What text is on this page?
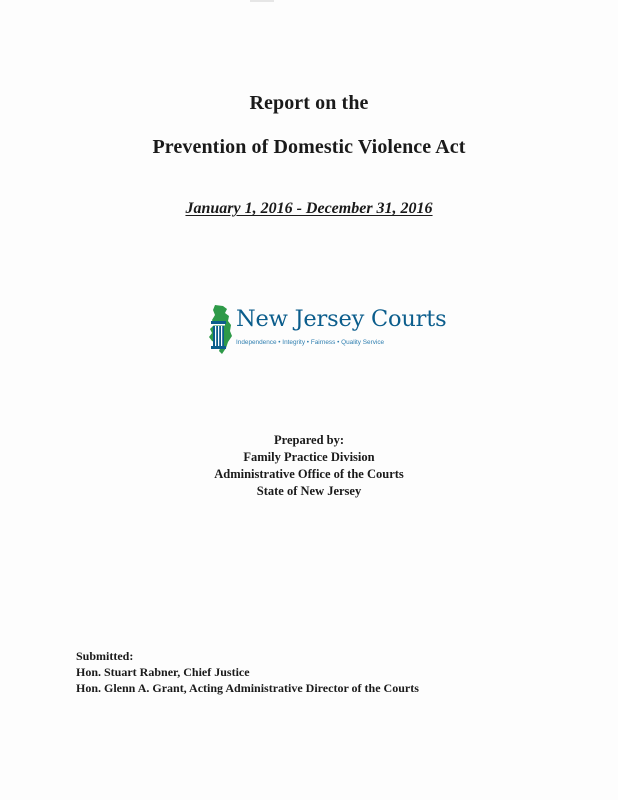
Report on the
Prevention of Domestic Violence Act
January 1, 2016 - December 31, 2016
New Jersey Courts
Independence • Integrity • Fairness • Quality Service
Prepared by:
Family Practice Division
Administrative Office of the Courts
State of New Jersey
Submitted:
Hon. Stuart Rabner, Chief Justice
Hon. Glenn A. Grant, Acting Administrative Director of the Courts
